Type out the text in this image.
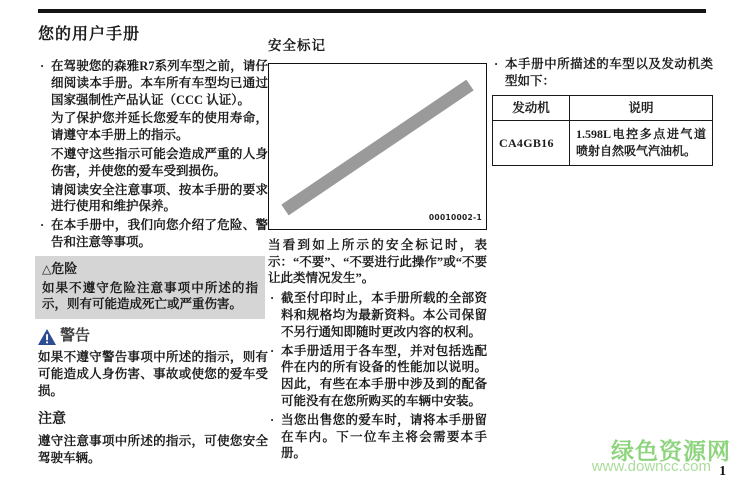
您的用户手册
· 在驾驶您的森雅R7系列车型之前，请仔细阅读本手册。本车所有车型均已通过国家强制性产品认证（CCC 认证）。
为了保护您并延长您爱车的使用寿命，请遵守本手册上的指示。
不遵守这些指示可能会造成严重的人身伤害，并使您的爱车受到损伤。
请阅读安全注意事项、按本手册的要求进行使用和维护保养。
· 在本手册中，我们向您介绍了危险、警告和注意等事项。
△危险
如果不遵守危险注意事项中所述的指示，则有可能造成死亡或严重伤害。
警告
如果不遵守警告事项中所述的指示，则有可能造成人身伤害、事故或使您的爱车受损。
注意
遵守注意事项中所述的指示，可使您安全驾驶车辆。
安全标记
00010002-1
当看到如上所示的安全标记时，表示：“不要”、“不要进行此操作”或“不要让此类情况发生”。
· 截至付印时止，本手册所载的全部资料和规格均为最新资料。本公司保留不另行通知即随时更改内容的权利。
· 本手册适用于各车型，并对包括选配件在内的所有设备的性能加以说明。因此，有些在本手册中涉及到的配备可能没有在您所购买的车辆中安装。
· 当您出售您的爱车时，请将本手册留在车内。下一位车主将会需要本手册。
· 本手册中所描述的车型以及发动机类型如下：
发动机	说明
CA4GB16	1.598L电控多点进气道喷射自然吸气汽油机。
绿色资源网
www.downcc.com 1
